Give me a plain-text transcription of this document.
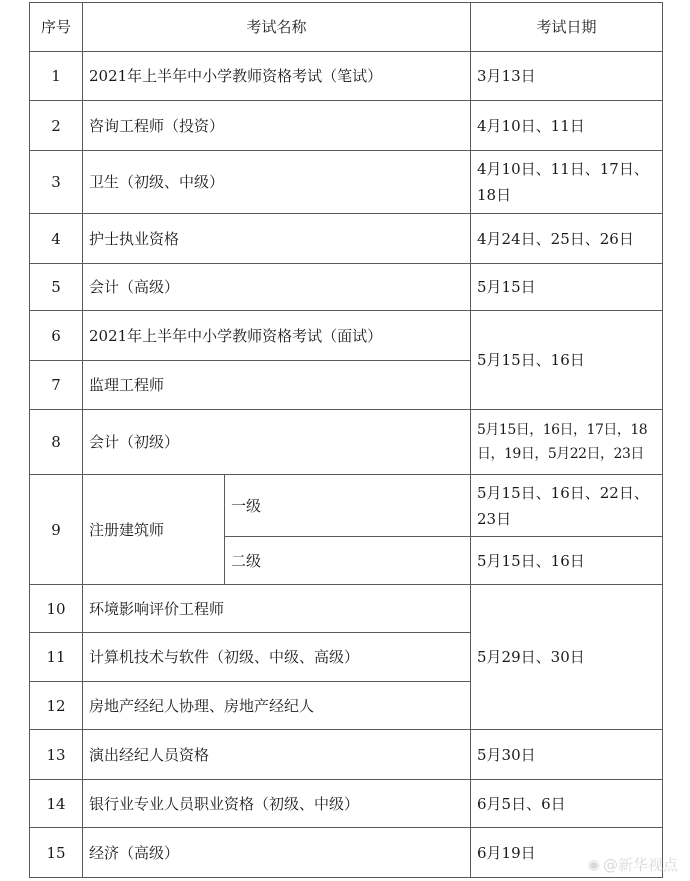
序号	考试名称		考试日期
1	2021年上半年中小学教师资格考试（笔试）		3月13日
2	咨询工程师（投资）		4月10日、11日
3	卫生（初级、中级）		4月10日、11日、17日、18日
4	护士执业资格		4月24日、25日、26日
5	会计（高级）		5月15日
6	2021年上半年中小学教师资格考试（面试）		5月15日、16日
7	监理工程师		
8	会计（初级）		5月15日，16日，17日，18日，19日，5月22日，23日
9	注册建筑师	一级	5月15日、16日、22日、23日
		二级	5月15日、16日
10	环境影响评价工程师		5月29日、30日
11	计算机技术与软件（初级、中级、高级）		
12	房地产经纪人协理、房地产经纪人		
13	演出经纪人员资格		5月30日
14	银行业专业人员职业资格（初级、中级）		6月5日、6日
15	经济（高级）		6月19日
◉ @新华视点
